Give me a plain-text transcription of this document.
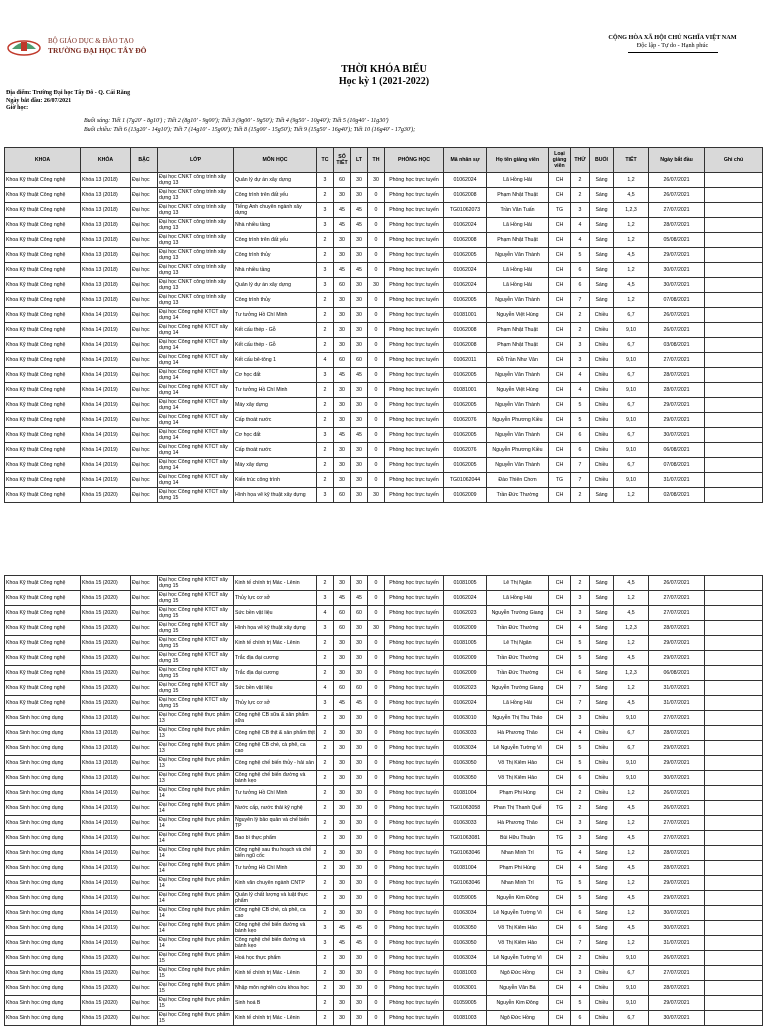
BỘ GIÁO DỤC & ĐÀO TẠO
TRƯỜNG ĐẠI HỌC TÂY ĐÔ
CỘNG HÒA XÃ HỘI CHỦ NGHĨA VIỆT NAM
Độc lập - Tự do - Hạnh phúc
THỜI KHÓA BIỂU
Học kỳ 1 (2021-2022)
Địa điểm: Trường Đại học Tây Đô - Q. Cái Răng
Ngày bắt đầu: 26/07/2021
Giờ học:
Buổi sáng: Tiết 1 (7g20' - 8g10') ; Tiết 2 (8g10' - 9g00'); Tiết 3 (9g00' - 9g50'); Tiết 4 (9g50' - 10g40'); Tiết 5 (10g40' - 11g30')
Buổi chiều: Tiết 6 (13g20' - 14g10'); Tiết 7 (14g10' - 15g00'); Tiết 8 (15g00' - 15g50'); Tiết 9 (15g50' - 16g40'); Tiết 10 (16g40' - 17g30');
KHOA	KHÓA	BẬC	LỚP	MÔN HỌC	TC	SỐ TIẾT	LT	TH	PHÒNG HỌC	Mã nhân sự	Họ tên giảng viên	Loại giảng viên	THỨ	BUỔI	TIẾT	Ngày bắt đầu	Ghi chú
Khoa Kỹ thuật Công nghệ	Khóa 13 (2018)	Đại học	Đại học CNKT công trình xây dựng 13	Quản lý dự án xây dựng	3	60	30	30	Phòng học trực tuyến	01062024	Lã Hồng Hải	CH	2	Sáng	1,2	26/07/2021	
Khoa Kỹ thuật Công nghệ	Khóa 13 (2018)	Đại học	Đại học CNKT công trình xây dựng 13	Công trình trên đất yếu	2	30	30	0	Phòng học trực tuyến	01062008	Phạm Nhật Thuật	CH	2	Sáng	4,5	26/07/2021	
Khoa Kỹ thuật Công nghệ	Khóa 13 (2018)	Đại học	Đại học CNKT công trình xây dựng 13	Tiếng Anh chuyên ngành xây dựng	3	45	45	0	Phòng học trực tuyến	TG01062073	Trần Văn Tuấn	TG	3	Sáng	1,2,3	27/07/2021	
Khoa Kỹ thuật Công nghệ	Khóa 13 (2018)	Đại học	Đại học CNKT công trình xây dựng 13	Nhà nhiều tầng	3	45	45	0	Phòng học trực tuyến	01062024	Lã Hồng Hải	CH	4	Sáng	1,2	28/07/2021	
Khoa Kỹ thuật Công nghệ	Khóa 13 (2018)	Đại học	Đại học CNKT công trình xây dựng 13	Công trình trên đất yếu	2	30	30	0	Phòng học trực tuyến	01062008	Phạm Nhật Thuật	CH	4	Sáng	1,2	05/08/2021	
Khoa Kỹ thuật Công nghệ	Khóa 13 (2018)	Đại học	Đại học CNKT công trình xây dựng 13	Công trình thủy	2	30	30	0	Phòng học trực tuyến	01062005	Nguyễn Văn Thành	CH	5	Sáng	4,5	29/07/2021	
Khoa Kỹ thuật Công nghệ	Khóa 13 (2018)	Đại học	Đại học CNKT công trình xây dựng 13	Nhà nhiều tầng	3	45	45	0	Phòng học trực tuyến	01062024	Lã Hồng Hải	CH	6	Sáng	1,2	30/07/2021	
Khoa Kỹ thuật Công nghệ	Khóa 13 (2018)	Đại học	Đại học CNKT công trình xây dựng 13	Quản lý dự án xây dựng	3	60	30	30	Phòng học trực tuyến	01062024	Lã Hồng Hải	CH	6	Sáng	4,5	30/07/2021	
Khoa Kỹ thuật Công nghệ	Khóa 13 (2018)	Đại học	Đại học CNKT công trình xây dựng 13	Công trình thủy	2	30	30	0	Phòng học trực tuyến	01062005	Nguyễn Văn Thành	CH	7	Sáng	1,2	07/08/2021	
Khoa Kỹ thuật Công nghệ	Khóa 14 (2019)	Đại học	Đại học Công nghệ KTCT xây dựng 14	Tư tưởng Hồ Chí Minh	2	30	30	0	Phòng học trực tuyến	01081001	Nguyễn Việt Hùng	CH	2	Chiều	6,7	26/07/2021	
Khoa Kỹ thuật Công nghệ	Khóa 14 (2019)	Đại học	Đại học Công nghệ KTCT xây dựng 14	Kết cấu thép - Gỗ	2	30	30	0	Phòng học trực tuyến	01062008	Phạm Nhật Thuật	CH	2	Chiều	9,10	26/07/2021	
Khoa Kỹ thuật Công nghệ	Khóa 14 (2019)	Đại học	Đại học Công nghệ KTCT xây dựng 14	Kết cấu thép - Gỗ	2	30	30	0	Phòng học trực tuyến	01062008	Phạm Nhật Thuật	CH	3	Chiều	6,7	03/08/2021	
Khoa Kỹ thuật Công nghệ	Khóa 14 (2019)	Đại học	Đại học Công nghệ KTCT xây dựng 14	Kết cấu bê-tông 1	4	60	60	0	Phòng học trực tuyến	01062011	Đỗ Trần Như Vân	CH	3	Chiều	9,10	27/07/2021	
Khoa Kỹ thuật Công nghệ	Khóa 14 (2019)	Đại học	Đại học Công nghệ KTCT xây dựng 14	Cơ học đất	3	45	45	0	Phòng học trực tuyến	01062005	Nguyễn Văn Thành	CH	4	Chiều	6,7	28/07/2021	
Khoa Kỹ thuật Công nghệ	Khóa 14 (2019)	Đại học	Đại học Công nghệ KTCT xây dựng 14	Tư tưởng Hồ Chí Minh	2	30	30	0	Phòng học trực tuyến	01081001	Nguyễn Việt Hùng	CH	4	Chiều	9,10	28/07/2021	
Khoa Kỹ thuật Công nghệ	Khóa 14 (2019)	Đại học	Đại học Công nghệ KTCT xây dựng 14	Máy xây dựng	2	30	30	0	Phòng học trực tuyến	01062005	Nguyễn Văn Thành	CH	5	Chiều	6,7	29/07/2021	
Khoa Kỹ thuật Công nghệ	Khóa 14 (2019)	Đại học	Đại học Công nghệ KTCT xây dựng 14	Cấp thoát nước	2	30	30	0	Phòng học trực tuyến	01062076	Nguyễn Phương Kiều	CH	5	Chiều	9,10	29/07/2021	
Khoa Kỹ thuật Công nghệ	Khóa 14 (2019)	Đại học	Đại học Công nghệ KTCT xây dựng 14	Cơ học đất	3	45	45	0	Phòng học trực tuyến	01062005	Nguyễn Văn Thành	CH	6	Chiều	6,7	30/07/2021	
Khoa Kỹ thuật Công nghệ	Khóa 14 (2019)	Đại học	Đại học Công nghệ KTCT xây dựng 14	Cấp thoát nước	2	30	30	0	Phòng học trực tuyến	01062076	Nguyễn Phương Kiều	CH	6	Chiều	9,10	06/08/2021	
Khoa Kỹ thuật Công nghệ	Khóa 14 (2019)	Đại học	Đại học Công nghệ KTCT xây dựng 14	Máy xây dựng	2	30	30	0	Phòng học trực tuyến	01062005	Nguyễn Văn Thành	CH	7	Chiều	6,7	07/08/2021	
Khoa Kỹ thuật Công nghệ	Khóa 14 (2019)	Đại học	Đại học Công nghệ KTCT xây dựng 14	Kiến trúc công trình	2	30	30	0	Phòng học trực tuyến	TG01062044	Đào Thiên Chơn	TG	7	Chiều	9,10	31/07/2021	
Khoa Kỹ thuật Công nghệ	Khóa 15 (2020)	Đại học	Đại học Công nghệ KTCT xây dựng 15	Hình họa vẽ kỹ thuật xây dựng	3	60	30	30	Phòng học trực tuyến	01062009	Trần Đức Thường	CH	2	Sáng	1,2	02/08/2021	
Khoa Kỹ thuật Công nghệ	Khóa 15 (2020)	Đại học	Đại học Công nghệ KTCT xây dựng 15	Kinh tế chính trị Mác - Lênin	2	30	30	0	Phòng học trực tuyến	01081005	Lê Thị Ngân	CH	2	Sáng	4,5	26/07/2021	
Khoa Kỹ thuật Công nghệ	Khóa 15 (2020)	Đại học	Đại học Công nghệ KTCT xây dựng 15	Thủy lực cơ sở	3	45	45	0	Phòng học trực tuyến	01062024	Lã Hồng Hải	CH	3	Sáng	1,2	27/07/2021	
Khoa Kỹ thuật Công nghệ	Khóa 15 (2020)	Đại học	Đại học Công nghệ KTCT xây dựng 15	Sức bền vật liệu	4	60	60	0	Phòng học trực tuyến	01062023	Nguyễn Trường Giang	CH	3	Sáng	4,5	27/07/2021	
Khoa Kỹ thuật Công nghệ	Khóa 15 (2020)	Đại học	Đại học Công nghệ KTCT xây dựng 15	Hình họa vẽ kỹ thuật xây dựng	3	60	30	30	Phòng học trực tuyến	01062009	Trần Đức Thường	CH	4	Sáng	1,2,3	28/07/2021	
Khoa Kỹ thuật Công nghệ	Khóa 15 (2020)	Đại học	Đại học Công nghệ KTCT xây dựng 15	Kinh tế chính trị Mác - Lênin	2	30	30	0	Phòng học trực tuyến	01081005	Lê Thị Ngân	CH	5	Sáng	1,2	29/07/2021	
Khoa Kỹ thuật Công nghệ	Khóa 15 (2020)	Đại học	Đại học Công nghệ KTCT xây dựng 15	Trắc địa đại cương	2	30	30	0	Phòng học trực tuyến	01062009	Trần Đức Thường	CH	5	Sáng	4,5	29/07/2021	
Khoa Kỹ thuật Công nghệ	Khóa 15 (2020)	Đại học	Đại học Công nghệ KTCT xây dựng 15	Trắc địa đại cương	2	30	30	0	Phòng học trực tuyến	01062009	Trần Đức Thường	CH	6	Sáng	1,2,3	06/08/2021	
Khoa Kỹ thuật Công nghệ	Khóa 15 (2020)	Đại học	Đại học Công nghệ KTCT xây dựng 15	Sức bền vật liệu	4	60	60	0	Phòng học trực tuyến	01062023	Nguyễn Trường Giang	CH	7	Sáng	1,2	31/07/2021	
Khoa Kỹ thuật Công nghệ	Khóa 15 (2020)	Đại học	Đại học Công nghệ KTCT xây dựng 15	Thủy lực cơ sở	3	45	45	0	Phòng học trực tuyến	01062024	Lã Hồng Hải	CH	7	Sáng	4,5	31/07/2021	
Khoa Sinh học ứng dụng	Khóa 13 (2018)	Đại học	Đại học Công nghệ thực phẩm 13	Công nghệ CB sữa & sản phẩm sữa	2	30	30	0	Phòng học trực tuyến	01063010	Nguyễn Thị Thu Thảo	CH	3	Chiều	9,10	27/07/2021	
Khoa Sinh học ứng dụng	Khóa 13 (2018)	Đại học	Đại học Công nghệ thực phẩm 13	Công nghệ CB thịt & sản phẩm thịt	2	30	30	0	Phòng học trực tuyến	01063033	Hà Phương Thảo	CH	4	Chiều	6,7	28/07/2021	
Khoa Sinh học ứng dụng	Khóa 13 (2018)	Đại học	Đại học Công nghệ thực phẩm 13	Công nghệ CB chè, cà phê, ca cao	2	30	30	0	Phòng học trực tuyến	01063034	Lê Nguyễn Tường Vi	CH	5	Chiều	6,7	29/07/2021	
Khoa Sinh học ứng dụng	Khóa 13 (2018)	Đại học	Đại học Công nghệ thực phẩm 13	Công nghệ chế biến thủy - hải sản	2	30	30	0	Phòng học trực tuyến	01063050	Võ Thị Kiêm Hảo	CH	5	Chiều	9,10	29/07/2021	
Khoa Sinh học ứng dụng	Khóa 13 (2018)	Đại học	Đại học Công nghệ thực phẩm 13	Công nghệ chế biến đường và bánh kẹo	2	30	30	0	Phòng học trực tuyến	01063050	Võ Thị Kiêm Hảo	CH	6	Chiều	9,10	30/07/2021	
Khoa Sinh học ứng dụng	Khóa 14 (2019)	Đại học	Đại học Công nghệ thực phẩm 14	Tư tưởng Hồ Chí Minh	2	30	30	0	Phòng học trực tuyến	01081004	Phạm Phi Hùng	CH	2	Chiều	1,2	26/07/2021	
Khoa Sinh học ứng dụng	Khóa 14 (2019)	Đại học	Đại học Công nghệ thực phẩm 14	Nước cấp, nước thải kỹ nghệ	2	30	30	0	Phòng học trực tuyến	TG01063058	Phan Thị Thanh Quế	TG	2	Sáng	4,5	26/07/2021	
Khoa Sinh học ứng dụng	Khóa 14 (2019)	Đại học	Đại học Công nghệ thực phẩm 14	Nguyên lý bảo quản và chế biến TP	2	30	30	0	Phòng học trực tuyến	01063033	Hà Phương Thảo	CH	3	Sáng	1,2	27/07/2021	
Khoa Sinh học ứng dụng	Khóa 14 (2019)	Đại học	Đại học Công nghệ thực phẩm 14	Bao bì thực phẩm	2	30	30	0	Phòng học trực tuyến	TG01063081	Bùi Hữu Thuận	TG	3	Sáng	4,5	27/07/2021	
Khoa Sinh học ứng dụng	Khóa 14 (2019)	Đại học	Đại học Công nghệ thực phẩm 14	Công nghệ sau thu hoạch và chế biến ngũ cốc	2	30	30	0	Phòng học trực tuyến	TG01063046	Nhan Minh Trí	TG	4	Sáng	1,2	28/07/2021	
Khoa Sinh học ứng dụng	Khóa 14 (2019)	Đại học	Đại học Công nghệ thực phẩm 14	Tư tưởng Hồ Chí Minh	2	30	30	0	Phòng học trực tuyến	01081004	Phạm Phi Hùng	CH	4	Sáng	4,5	28/07/2021	
Khoa Sinh học ứng dụng	Khóa 14 (2019)	Đại học	Đại học Công nghệ thực phẩm 14	Kinh văn chuyên ngành CNTP	2	30	30	0	Phòng học trực tuyến	TG01063046	Nhan Minh Trí	TG	5	Sáng	1,2	29/07/2021	
Khoa Sinh học ứng dụng	Khóa 14 (2019)	Đại học	Đại học Công nghệ thực phẩm 14	Quản lý chất lượng và luật thực phẩm	2	30	30	0	Phòng học trực tuyến	01059005	Nguyễn Kim Đông	CH	5	Sáng	4,5	29/07/2021	
Khoa Sinh học ứng dụng	Khóa 14 (2019)	Đại học	Đại học Công nghệ thực phẩm 14	Công nghệ CB chè, cà phê, ca cao	2	30	30	0	Phòng học trực tuyến	01063034	Lê Nguyễn Tường Vi	CH	6	Sáng	1,2	30/07/2021	
Khoa Sinh học ứng dụng	Khóa 14 (2019)	Đại học	Đại học Công nghệ thực phẩm 14	Công nghệ chế biến đường và bánh kẹo	3	45	45	0	Phòng học trực tuyến	01063050	Võ Thị Kiêm Hảo	CH	6	Sáng	4,5	30/07/2021	
Khoa Sinh học ứng dụng	Khóa 14 (2019)	Đại học	Đại học Công nghệ thực phẩm 14	Công nghệ chế biến đường và bánh kẹo	3	45	45	0	Phòng học trực tuyến	01063050	Võ Thị Kiêm Hảo	CH	7	Sáng	1,2	31/07/2021	
Khoa Sinh học ứng dụng	Khóa 15 (2020)	Đại học	Đại học Công nghệ thực phẩm 15	Hoá học thực phẩm	2	30	30	0	Phòng học trực tuyến	01063034	Lê Nguyễn Tường Vi	CH	2	Chiều	9,10	26/07/2021	
Khoa Sinh học ứng dụng	Khóa 15 (2020)	Đại học	Đại học Công nghệ thực phẩm 15	Kinh tế chính trị Mác - Lênin	2	30	30	0	Phòng học trực tuyến	01081003	Ngô Đức Hồng	CH	3	Chiều	6,7	27/07/2021	
Khoa Sinh học ứng dụng	Khóa 15 (2020)	Đại học	Đại học Công nghệ thực phẩm 15	Nhập môn nghiên cứu khoa học	2	30	30	0	Phòng học trực tuyến	01063001	Nguyễn Văn Bá	CH	4	Chiều	9,10	28/07/2021	
Khoa Sinh học ứng dụng	Khóa 15 (2020)	Đại học	Đại học Công nghệ thực phẩm 15	Sinh hoá B	2	30	30	0	Phòng học trực tuyến	01059005	Nguyễn Kim Đông	CH	5	Chiều	9,10	29/07/2021	
Khoa Sinh học ứng dụng	Khóa 15 (2020)	Đại học	Đại học Công nghệ thực phẩm 15	Kinh tế chính trị Mác - Lênin	2	30	30	0	Phòng học trực tuyến	01081003	Ngô Đức Hồng	CH	6	Chiều	6,7	30/07/2021	
